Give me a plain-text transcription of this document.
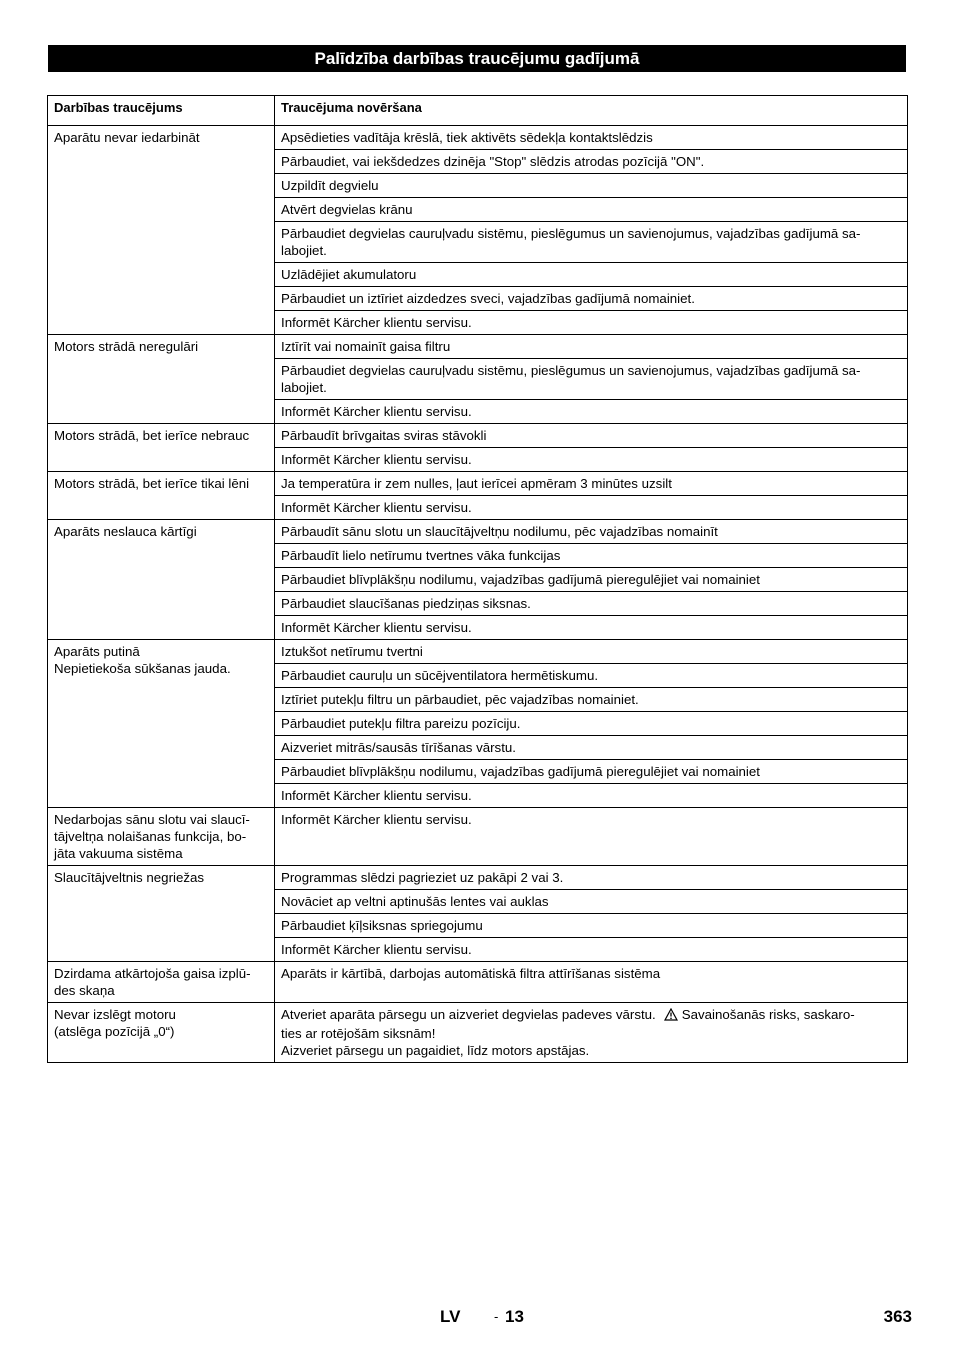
Palīdzība darbības traucējumu gadījumā
Darbības traucējums	Traucējuma novēršana

Aparātu nevar iedarbināt	Apsēdieties vadītāja krēslā, tiek aktivēts sēdekļa kontaktslēdzis
	Pārbaudiet, vai iekšdedzes dzinēja "Stop" slēdzis atrodas pozīcijā "ON".
	Uzpildīt degvielu
	Atvērt degvielas krānu
	Pārbaudiet degvielas cauruļvadu sistēmu, pieslēgumus un savienojumus, vajadzības gadījumā sa-labojiet.
	Uzlādējiet akumulatoru
	Pārbaudiet un iztīriet aizdedzes sveci, vajadzības gadījumā nomainiet.
	Informēt Kärcher klientu servisu.

Motors strādā neregulāri	Iztīrīt vai nomainīt gaisa filtru
	Pārbaudiet degvielas cauruļvadu sistēmu, pieslēgumus un savienojumus, vajadzības gadījumā sa-labojiet.
	Informēt Kärcher klientu servisu.

Motors strādā, bet ierīce nebrauc	Pārbaudīt brīvgaitas sviras stāvokli
	Informēt Kärcher klientu servisu.

Motors strādā, bet ierīce tikai lēni	Ja temperatūra ir zem nulles, ļaut ierīcei apmēram 3 minūtes uzsilt
	Informēt Kärcher klientu servisu.

Aparāts neslauca kārtīgi	Pārbaudīt sānu slotu un slaucītājveltņu nodilumu, pēc vajadzības nomainīt
	Pārbaudīt lielo netīrumu tvertnes vāka funkcijas
	Pārbaudiet blīvplākšņu nodilumu, vajadzības gadījumā pieregulējiet vai nomainiet
	Pārbaudiet slaucīšanas piedziņas siksnas.
	Informēt Kärcher klientu servisu.

Aparāts putinā
Nepietiekoša sūkšanas jauda.	Iztukšot netīrumu tvertni
	Pārbaudiet cauruļu un sūcējventilatora hermētiskumu.
	Iztīriet putekļu filtru un pārbaudiet, pēc vajadzības nomainiet.
	Pārbaudiet putekļu filtra pareizu pozīciju.
	Aizveriet mitrās/sausās tīrīšanas vārstu.
	Pārbaudiet blīvplākšņu nodilumu, vajadzības gadījumā pieregulējiet vai nomainiet
	Informēt Kärcher klientu servisu.

Nedarbojas sānu slotu vai slaucī-
tājveltņa nolaišanas funkcija, bo-
jāta vakuuma sistēma	Informēt Kärcher klientu servisu.

Slaucītājveltnis negriežas	Programmas slēdzi pagrieziet uz pakāpi 2 vai 3.
	Novāciet ap veltni aptinušās lentes vai auklas
	Pārbaudiet ķīļsiksnas spriegojumu
	Informēt Kärcher klientu servisu.

Dzirdama atkārtojoša gaisa izplū-
des skaņa	Aparāts ir kārtībā, darbojas automātiskā filtra attīrīšanas sistēma

Nevar izslēgt motoru
(atslēga pozīcijā „0“)	Atveriet aparāta pārsegu un aizveriet degvielas padeves vārstu. Savainošanās risks, saskaro-
ties ar rotējošām siksnām!
Aizveriet pārsegu un pagaidiet, līdz motors apstājas.
LV	- 13	363
